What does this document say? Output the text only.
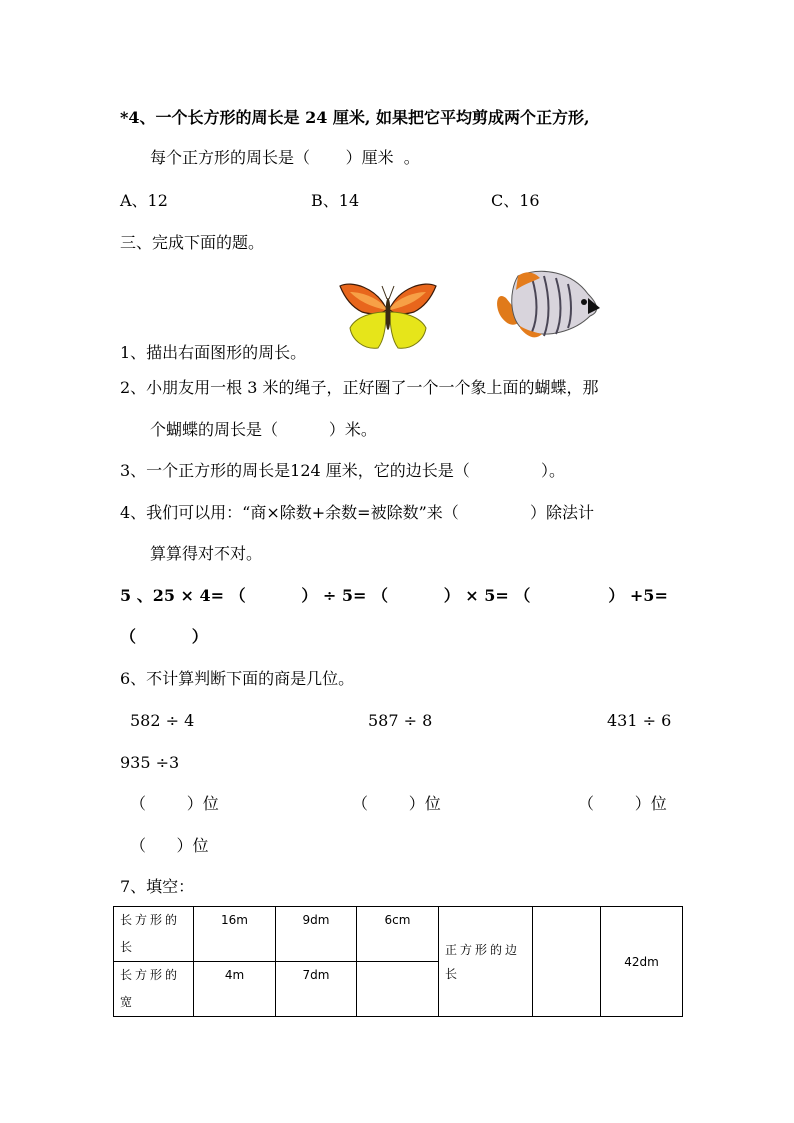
*4、一个长方形的周长是 24 厘米, 如果把它平均剪成两个正方形,
每个正方形的周长是（       ）厘米  。
A、12	B、14	C、16
三、完成下面的题。
1、描出右面图形的周长。
2、小朋友用一根 3 米的绳子，正好圈了一个一个象上面的蝴蝶，那
个蝴蝶的周长是（          ）米。
3、一个正方形的周长是124 厘米，它的边长是（              ）。
4、我们可以用：“商×除数+余数=被除数”来（              ）除法计
算算得对不对。
5 、25 × 4= （          ） ÷ 5= （          ） × 5= （              ） +5=
（          ）
6、不计算判断下面的商是几位。
582 ÷ 4	587 ÷ 8	431 ÷ 6
935 ÷3
（        ）位	（        ）位	（        ）位
（      ）位
7、填空：
长方形的长	16m	9dm	6cm	正方形的边长		42dm
长方形的宽	4m	7dm				
